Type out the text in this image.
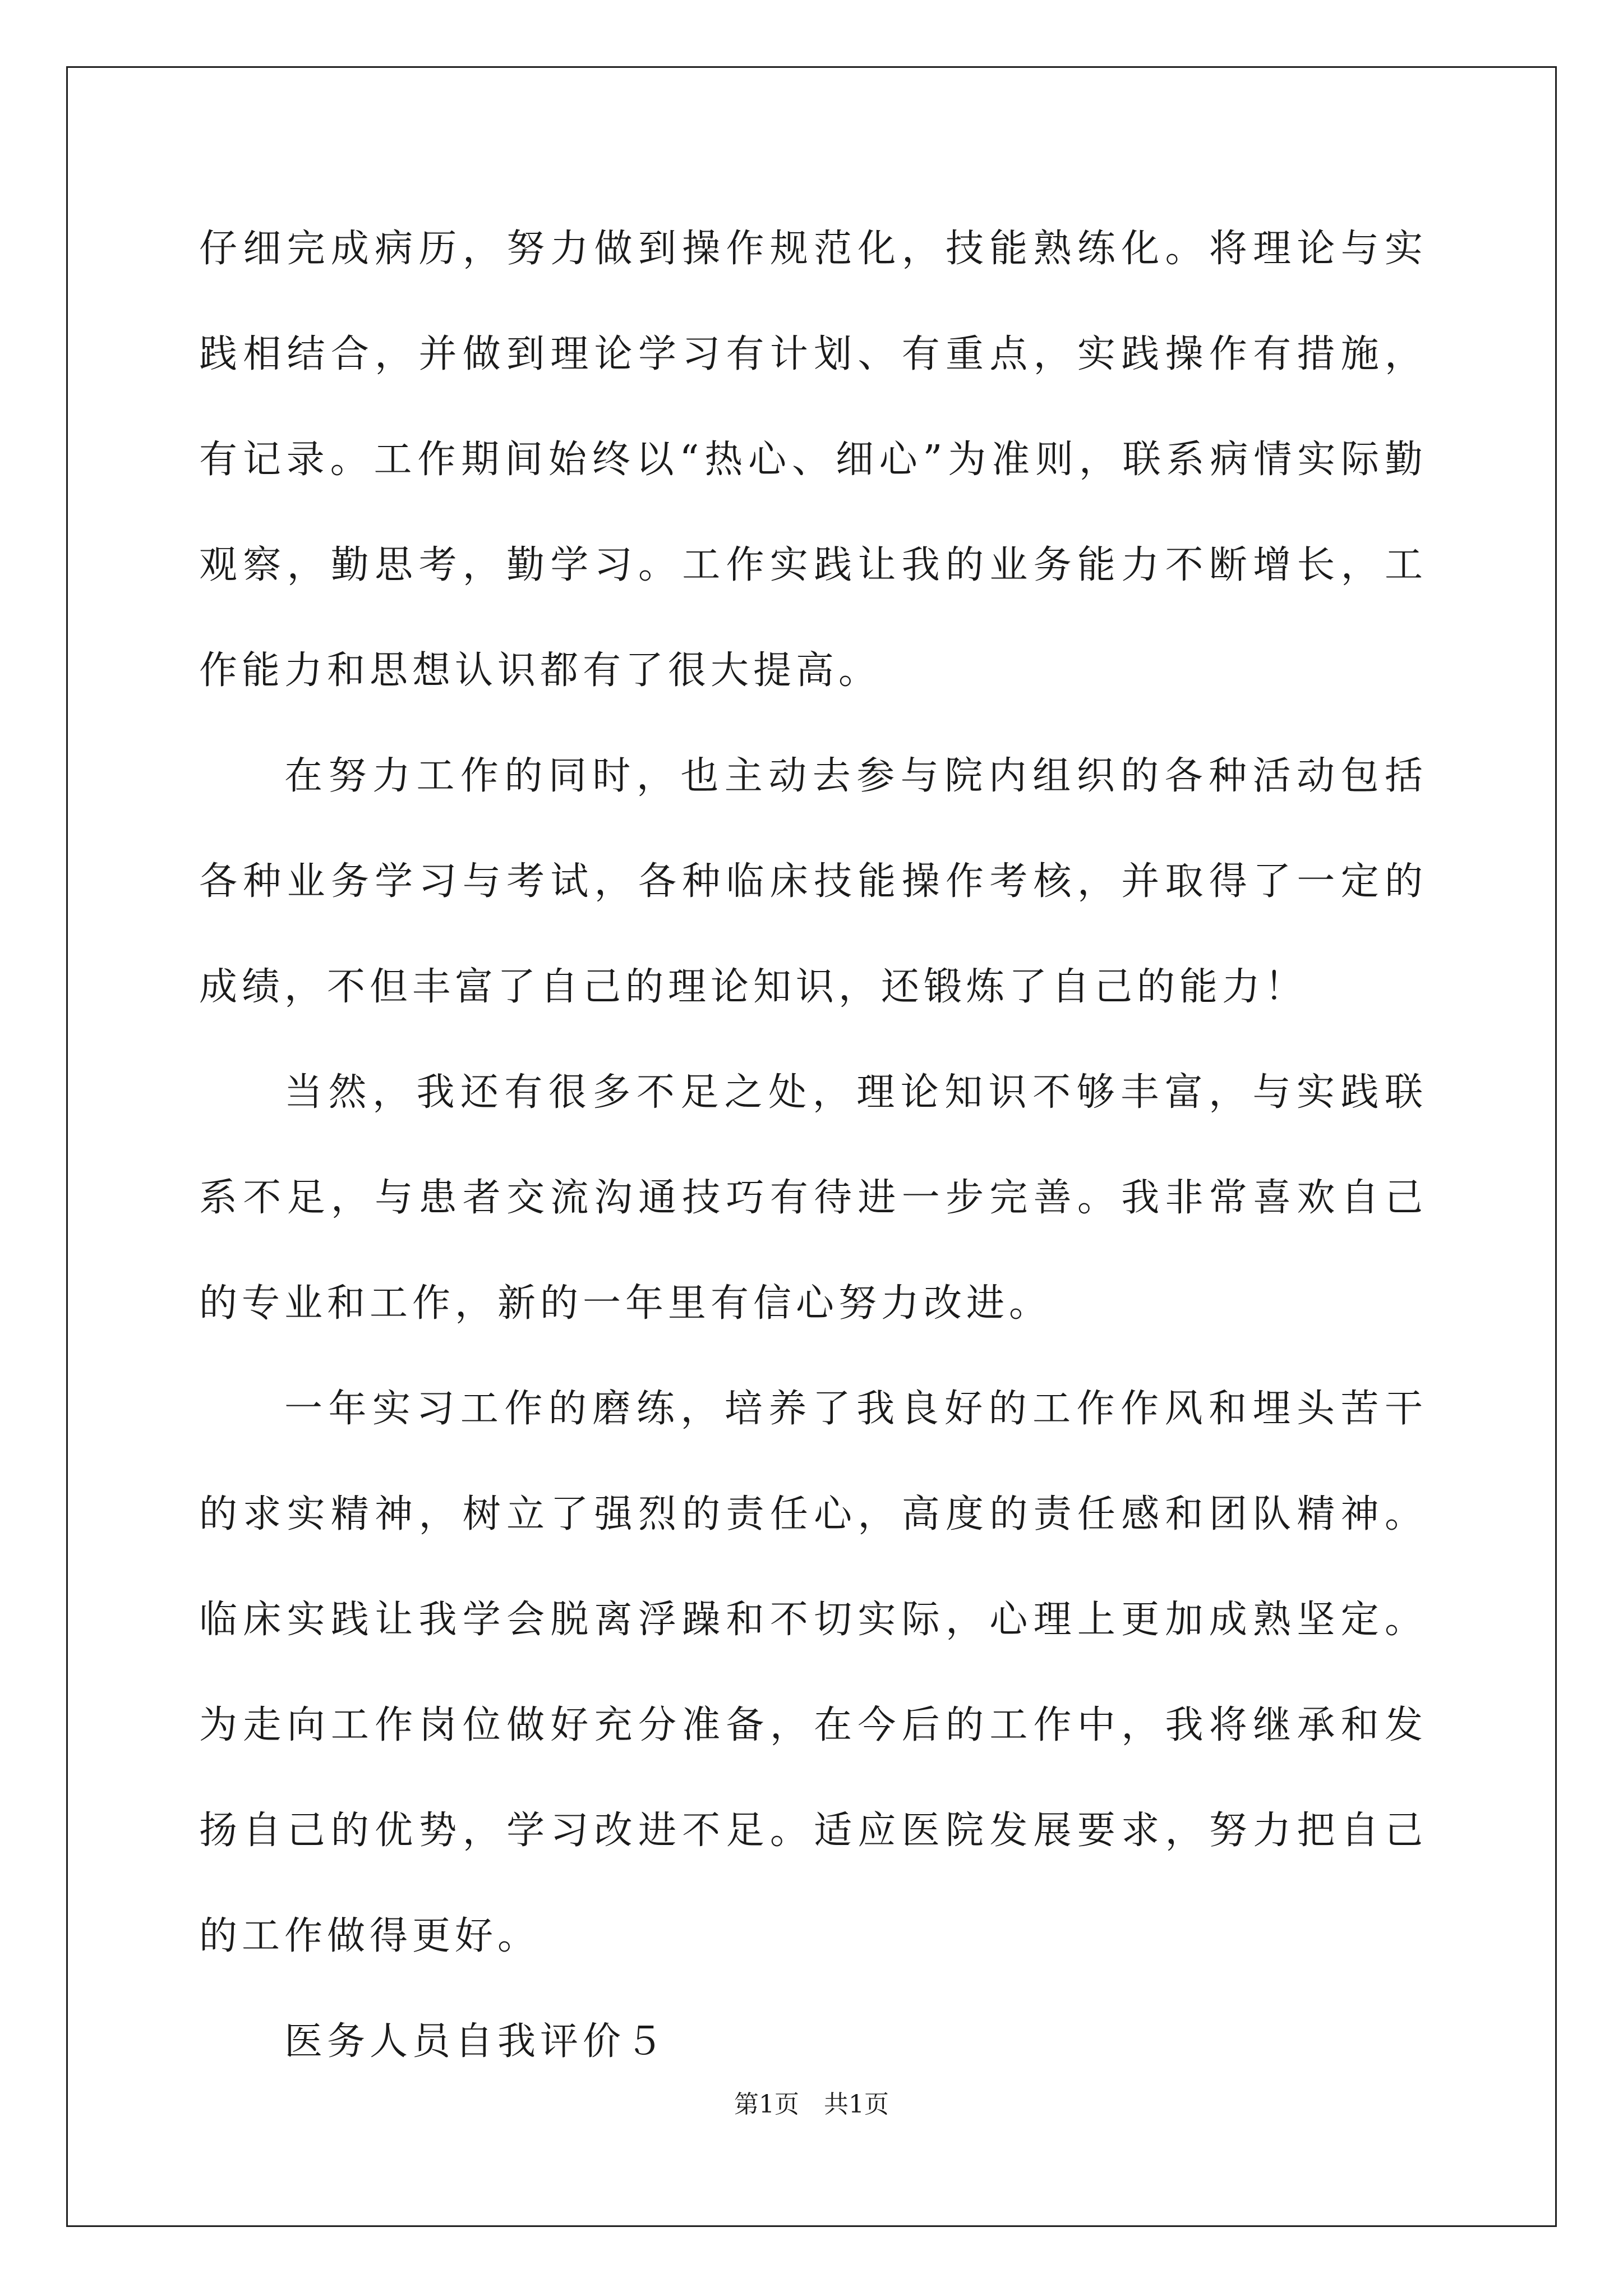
仔细完成病历，努力做到操作规范化，技能熟练化。将理论与实践相结合，并做到理论学习有计划、有重点，实践操作有措施，有记录。工作期间始终以“热心、细心”为准则，联系病情实际勤观察，勤思考，勤学习。工作实践让我的业务能力不断增长，工作能力和思想认识都有了很大提高。

在努力工作的同时，也主动去参与院内组织的各种活动包括各种业务学习与考试，各种临床技能操作考核，并取得了一定的成绩，不但丰富了自己的理论知识，还锻炼了自己的能力！

当然，我还有很多不足之处，理论知识不够丰富，与实践联系不足，与患者交流沟通技巧有待进一步完善。我非常喜欢自己的专业和工作，新的一年里有信心努力改进。

一年实习工作的磨练，培养了我良好的工作作风和埋头苦干的求实精神，树立了强烈的责任心，高度的责任感和团队精神。临床实践让我学会脱离浮躁和不切实际，心理上更加成熟坚定。为走向工作岗位做好充分准备，在今后的工作中，我将继承和发扬自己的优势，学习改进不足。适应医院发展要求，努力把自己的工作做得更好。

医务人员自我评价５

第1页 共1页
